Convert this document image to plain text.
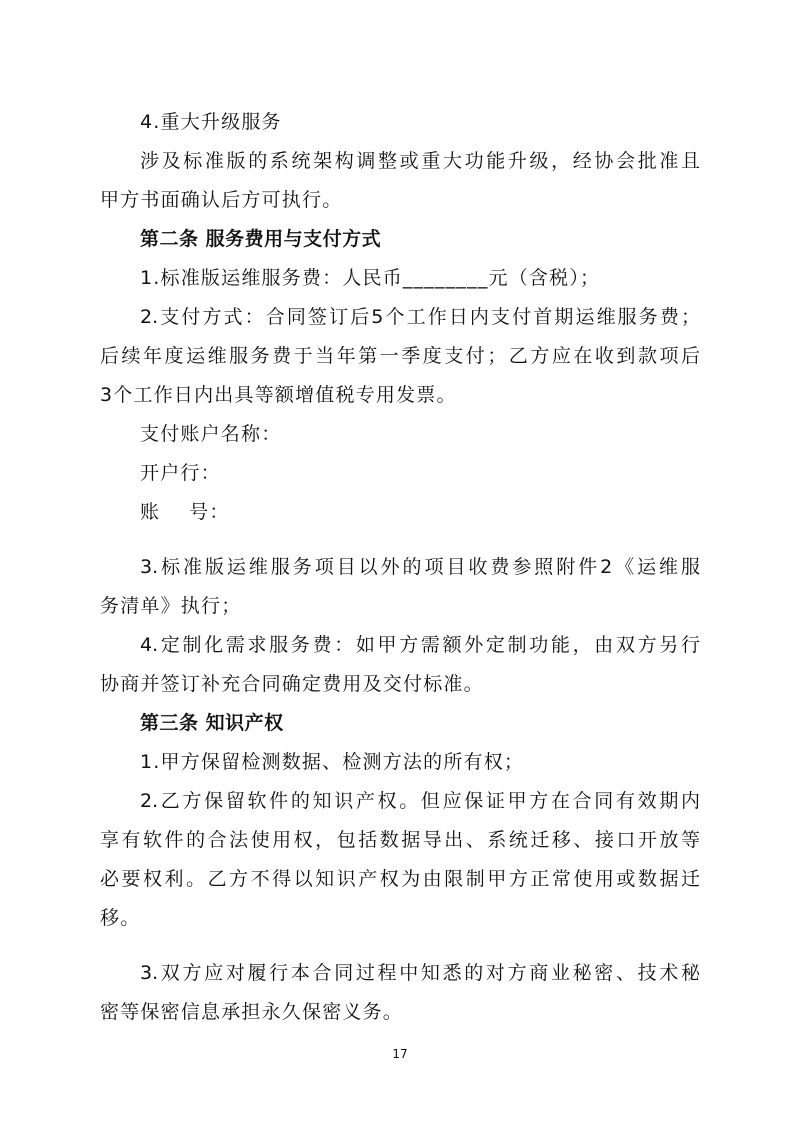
4.重大升级服务
涉及标准版的系统架构调整或重大功能升级，经协会批准且
甲方书面确认后方可执行。
第二条 服务费用与支付方式
1.标准版运维服务费：人民币________元（含税）；
2.支付方式：合同签订后5个工作日内支付首期运维服务费；
后续年度运维服务费于当年第一季度支付；乙方应在收到款项后
3个工作日内出具等额增值税专用发票。
支付账户名称：
开户行：
账    号：
3.标准版运维服务项目以外的项目收费参照附件2《运维服
务清单》执行；
4.定制化需求服务费：如甲方需额外定制功能，由双方另行
协商并签订补充合同确定费用及交付标准。
第三条 知识产权
1.甲方保留检测数据、检测方法的所有权；
2.乙方保留软件的知识产权。但应保证甲方在合同有效期内
享有软件的合法使用权，包括数据导出、系统迁移、接口开放等
必要权利。乙方不得以知识产权为由限制甲方正常使用或数据迁
移。
3.双方应对履行本合同过程中知悉的对方商业秘密、技术秘
密等保密信息承担永久保密义务。
17
